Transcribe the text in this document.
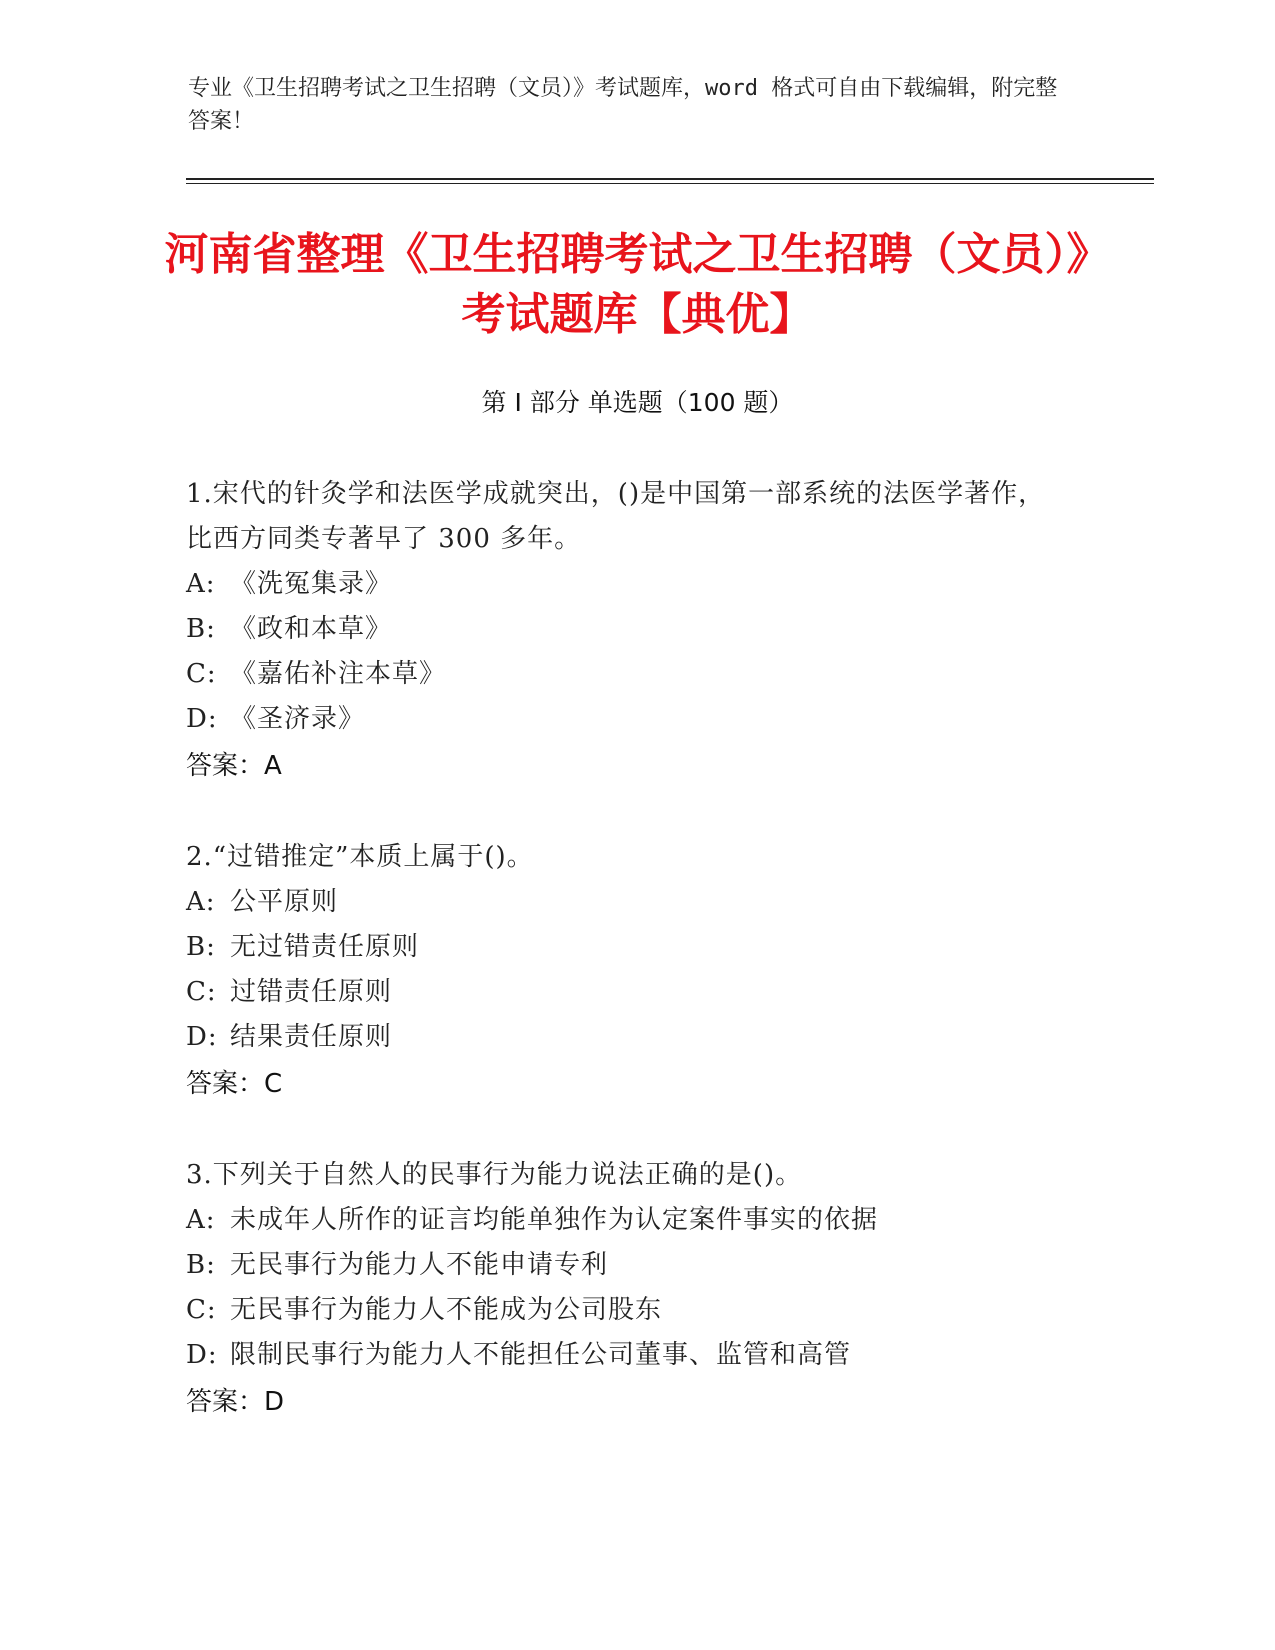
专业《卫生招聘考试之卫生招聘（文员）》考试题库，word 格式可自由下载编辑，附完整答案！
河南省整理《卫生招聘考试之卫生招聘（文员）》考试题库【典优】
第 I 部分 单选题（100 题）
1.宋代的针灸学和法医学成就突出，()是中国第一部系统的法医学著作，比西方同类专著早了 300 多年。
A: 《洗冤集录》
B: 《政和本草》
C: 《嘉佑补注本草》
D: 《圣济录》
答案：A
2.“过错推定”本质上属于()。
A: 公平原则
B: 无过错责任原则
C: 过错责任原则
D: 结果责任原则
答案：C
3.下列关于自然人的民事行为能力说法正确的是()。
A: 未成年人所作的证言均能单独作为认定案件事实的依据
B: 无民事行为能力人不能申请专利
C: 无民事行为能力人不能成为公司股东
D: 限制民事行为能力人不能担任公司董事、监管和高管
答案：D
